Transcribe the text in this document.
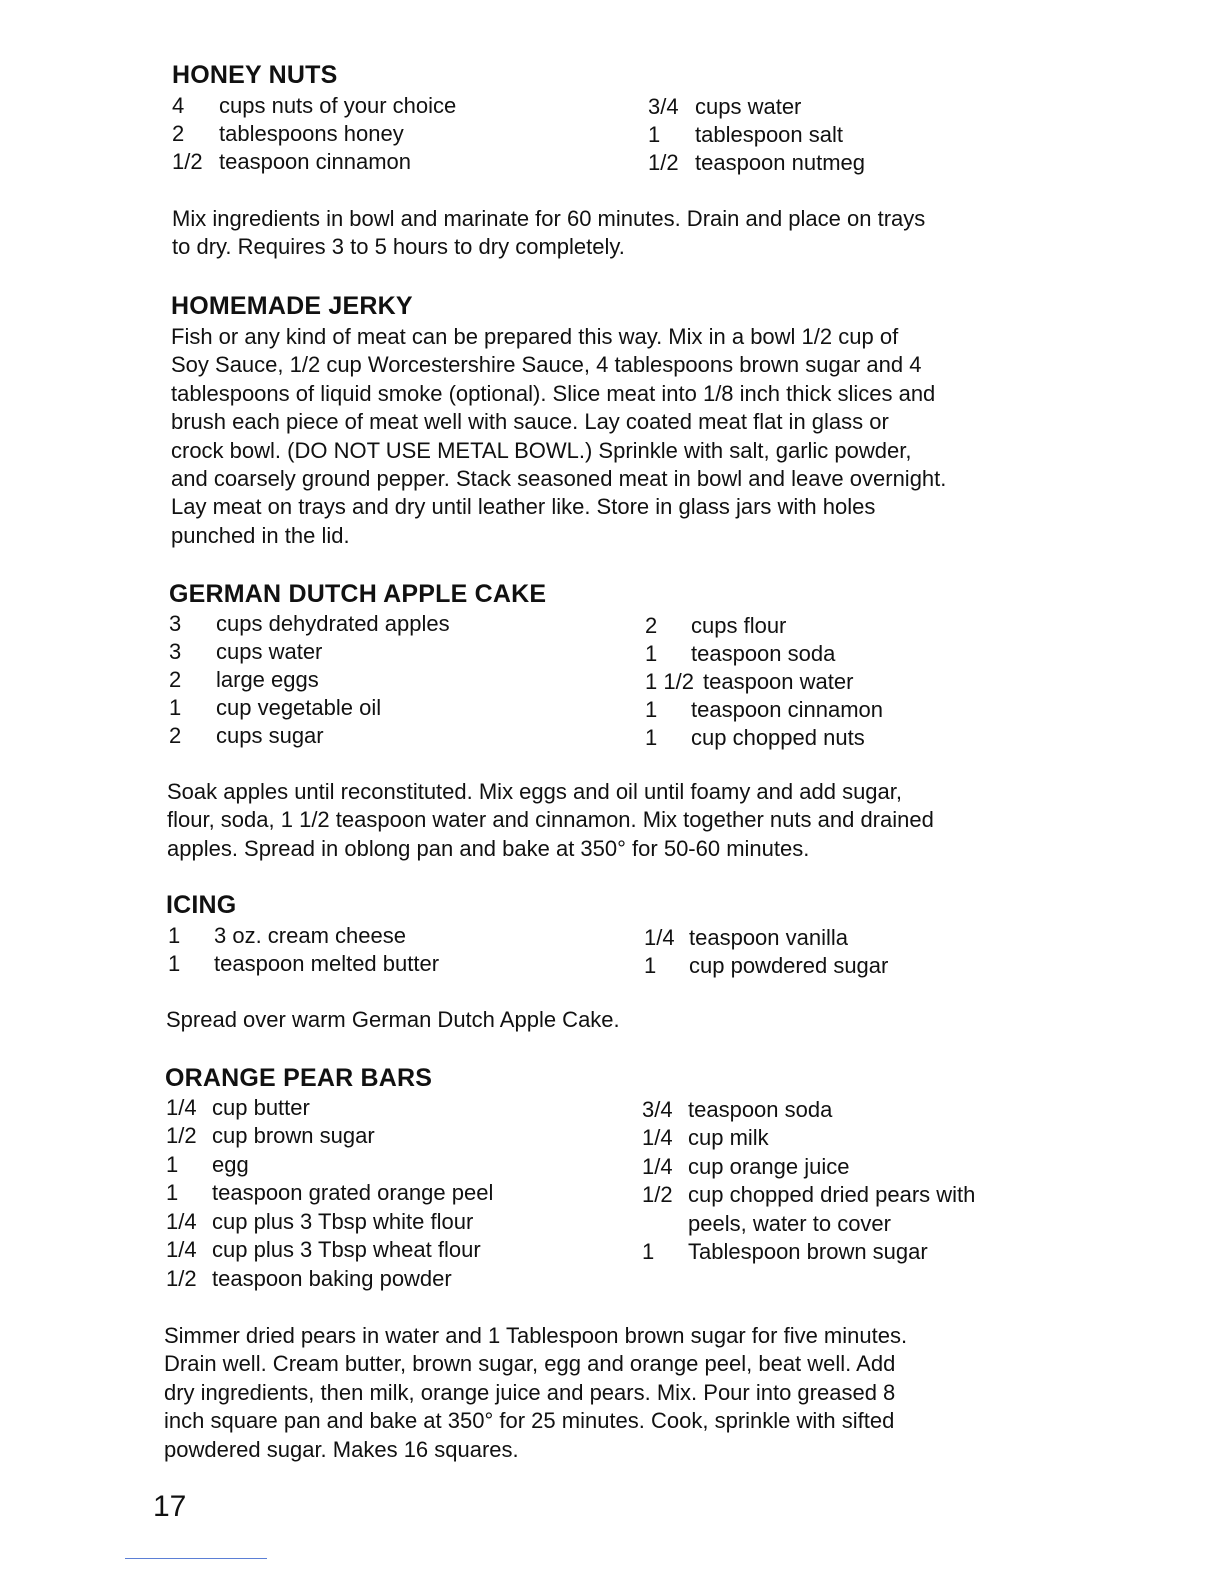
HONEY NUTS
4 cups nuts of your choice
2 tablespoons honey
1/2 teaspoon cinnamon
3/4 cups water
1 tablespoon salt
1/2 teaspoon nutmeg
Mix ingredients in bowl and marinate for 60 minutes. Drain and place on trays
to dry. Requires 3 to 5 hours to dry completely.
HOMEMADE JERKY
Fish or any kind of meat can be prepared this way. Mix in a bowl 1/2 cup of
Soy Sauce, 1/2 cup Worcestershire Sauce, 4 tablespoons brown sugar and 4
tablespoons of liquid smoke (optional). Slice meat into 1/8 inch thick slices and
brush each piece of meat well with sauce. Lay coated meat flat in glass or
crock bowl. (DO NOT USE METAL BOWL.) Sprinkle with salt, garlic powder,
and coarsely ground pepper. Stack seasoned meat in bowl and leave overnight.
Lay meat on trays and dry until leather like. Store in glass jars with holes
punched in the lid.
GERMAN DUTCH APPLE CAKE
3 cups dehydrated apples
3 cups water
2 large eggs
1 cup vegetable oil
2 cups sugar
2 cups flour
1 teaspoon soda
1 1/2 teaspoon water
1 teaspoon cinnamon
1 cup chopped nuts
Soak apples until reconstituted. Mix eggs and oil until foamy and add sugar,
flour, soda, 1 1/2 teaspoon water and cinnamon. Mix together nuts and drained
apples. Spread in oblong pan and bake at 350° for 50-60 minutes.
ICING
1 3 oz. cream cheese
1 teaspoon melted butter
1/4 teaspoon vanilla
1 cup powdered sugar
Spread over warm German Dutch Apple Cake.
ORANGE PEAR BARS
1/4 cup butter
1/2 cup brown sugar
1 egg
1 teaspoon grated orange peel
1/4 cup plus 3 Tbsp white flour
1/4 cup plus 3 Tbsp wheat flour
1/2 teaspoon baking powder
3/4 teaspoon soda
1/4 cup milk
1/4 cup orange juice
1/2 cup chopped dried pears with
peels, water to cover
1 Tablespoon brown sugar
Simmer dried pears in water and 1 Tablespoon brown sugar for five minutes.
Drain well. Cream butter, brown sugar, egg and orange peel, beat well. Add
dry ingredients, then milk, orange juice and pears. Mix. Pour into greased 8
inch square pan and bake at 350° for 25 minutes. Cook, sprinkle with sifted
powdered sugar. Makes 16 squares.
17
